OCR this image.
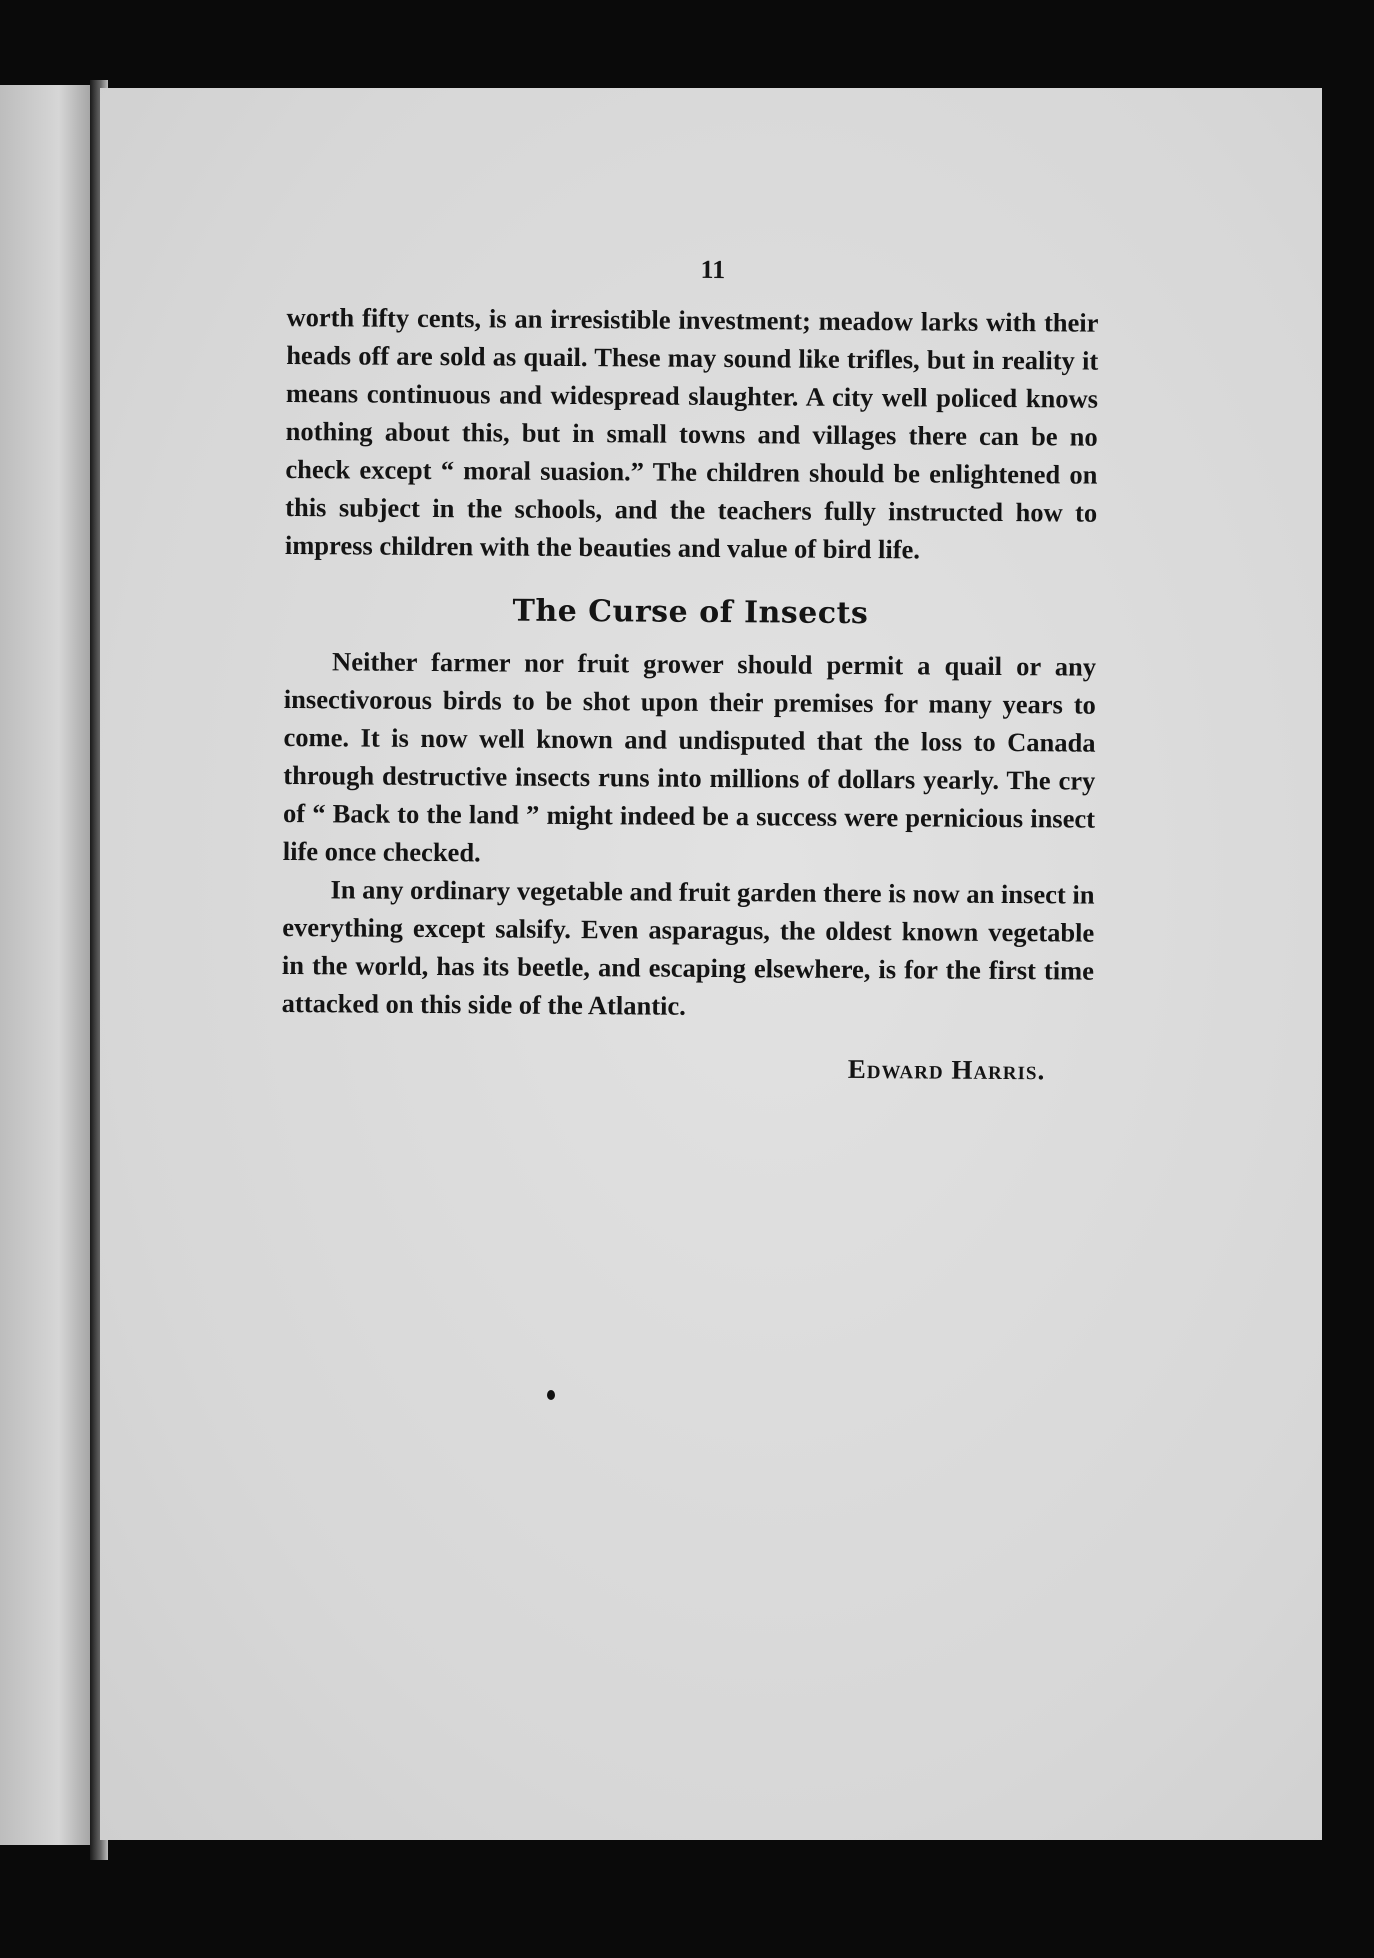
11

worth fifty cents, is an irresistible investment; meadow larks with their heads off are sold as quail. These may sound like trifles, but in reality it means continuous and widespread slaughter. A city well policed knows nothing about this, but in small towns and villages there can be no check except “ moral suasion.” The children should be enlightened on this subject in the schools, and the teachers fully instructed how to impress children with the beauties and value of bird life.

The Curse of Insects

Neither farmer nor fruit grower should permit a quail or any insectivorous birds to be shot upon their premises for many years to come. It is now well known and undisputed that the loss to Canada through destructive insects runs into millions of dollars yearly. The cry of “ Back to the land ” might indeed be a success were pernicious insect life once checked.

In any ordinary vegetable and fruit garden there is now an insect in everything except salsify. Even asparagus, the oldest known vegetable in the world, has its beetle, and escaping elsewhere, is for the first time attacked on this side of the Atlantic.

Edward Harris.
